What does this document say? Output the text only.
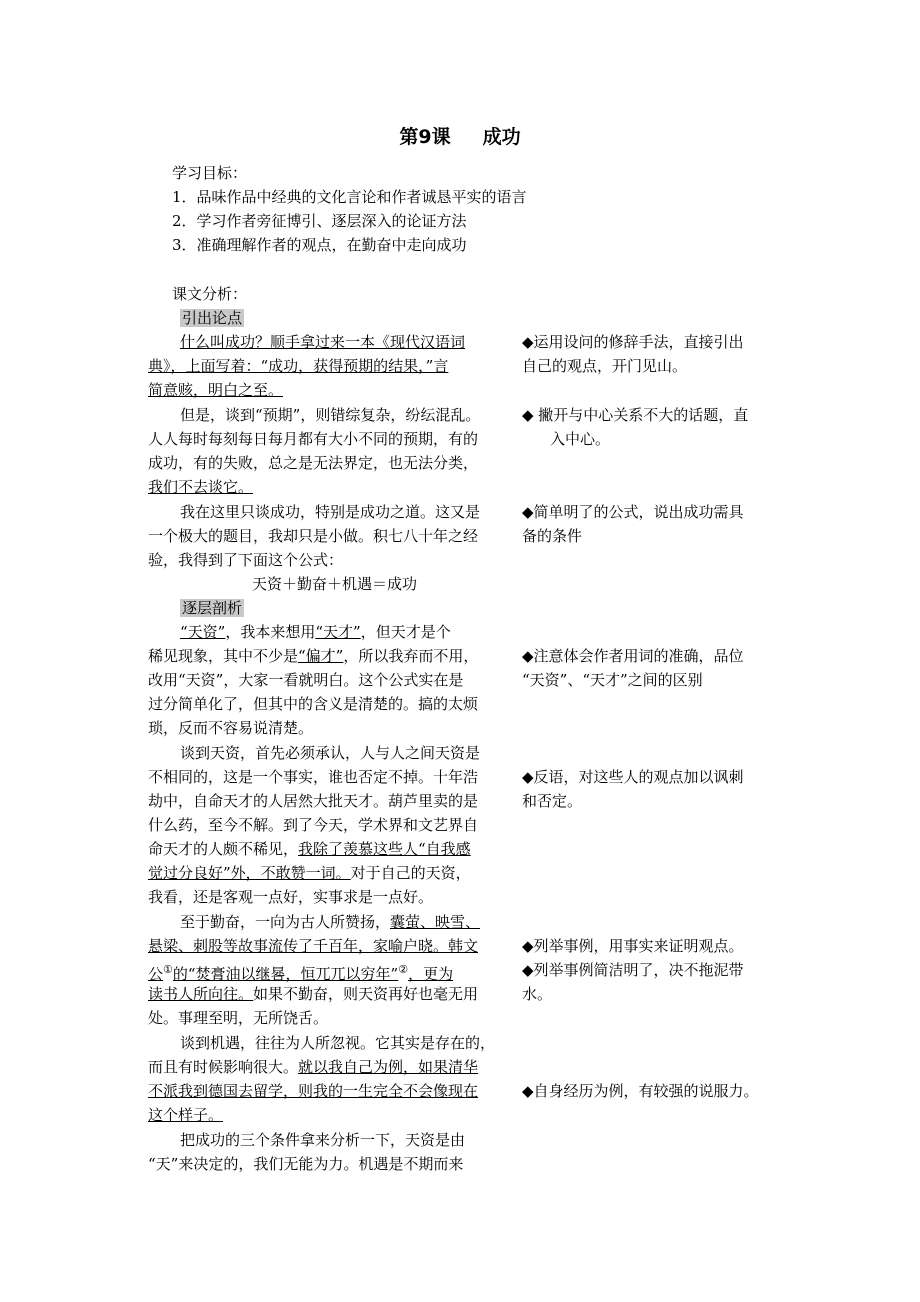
第9课 成功
学习目标：
1．品味作品中经典的文化言论和作者诚恳平实的语言
2．学习作者旁征博引、逐层深入的论证方法
3．准确理解作者的观点，在勤奋中走向成功
课文分析：
引出论点
什么叫成功？顺手拿过来一本《现代汉语词
典》，上面写着：“成功，获得预期的结果，”言
简意赅，明白之至。
◆运用设问的修辞手法，直接引出
自己的观点，开门见山。
但是，谈到“预期”，则错综复杂，纷纭混乱。
人人每时每刻每日每月都有大小不同的预期，有的
成功，有的失败，总之是无法界定，也无法分类，
我们不去谈它。
◆ 撇开与中心关系不大的话题，直
入中心。
我在这里只谈成功，特别是成功之道。这又是
一个极大的题目，我却只是小做。积七八十年之经
验，我得到了下面这个公式：
天资＋勤奋＋机遇＝成功
◆简单明了的公式，说出成功需具
备的条件
逐层剖析
“天资”，我本来想用“天才”，但天才是个
稀见现象，其中不少是“偏才”，所以我弃而不用，
改用“天资”，大家一看就明白。这个公式实在是
过分简单化了，但其中的含义是清楚的。搞的太烦
琐，反而不容易说清楚。
◆注意体会作者用词的准确，品位
“天资”、“天才”之间的区别
谈到天资，首先必须承认，人与人之间天资是
不相同的，这是一个事实，谁也否定不掉。十年浩
劫中，自命天才的人居然大批天才。葫芦里卖的是
什么药，至今不解。到了今天，学术界和文艺界自
命天才的人颇不稀见，我除了羡慕这些人“自我感
觉过分良好”外，不敢赞一词。对于自己的天资，
我看，还是客观一点好，实事求是一点好。
◆反语，对这些人的观点加以讽刺
和否定。
至于勤奋，一向为古人所赞扬，囊萤、映雪、
悬梁、刺股等故事流传了千百年，家喻户晓。韩文
公①的“焚膏油以继晷，恒兀兀以穷年”②，更为
读书人所向往。如果不勤奋，则天资再好也毫无用
处。事理至明，无所饶舌。
◆列举事例，用事实来证明观点。
◆列举事例简洁明了，决不拖泥带
水。
谈到机遇，往往为人所忽视。它其实是存在的，
而且有时候影响很大。就以我自己为例，如果清华
不派我到德国去留学，则我的一生完全不会像现在
这个样子。
◆自身经历为例，有较强的说服力。
把成功的三个条件拿来分析一下，天资是由
“天”来决定的，我们无能为力。机遇是不期而来
